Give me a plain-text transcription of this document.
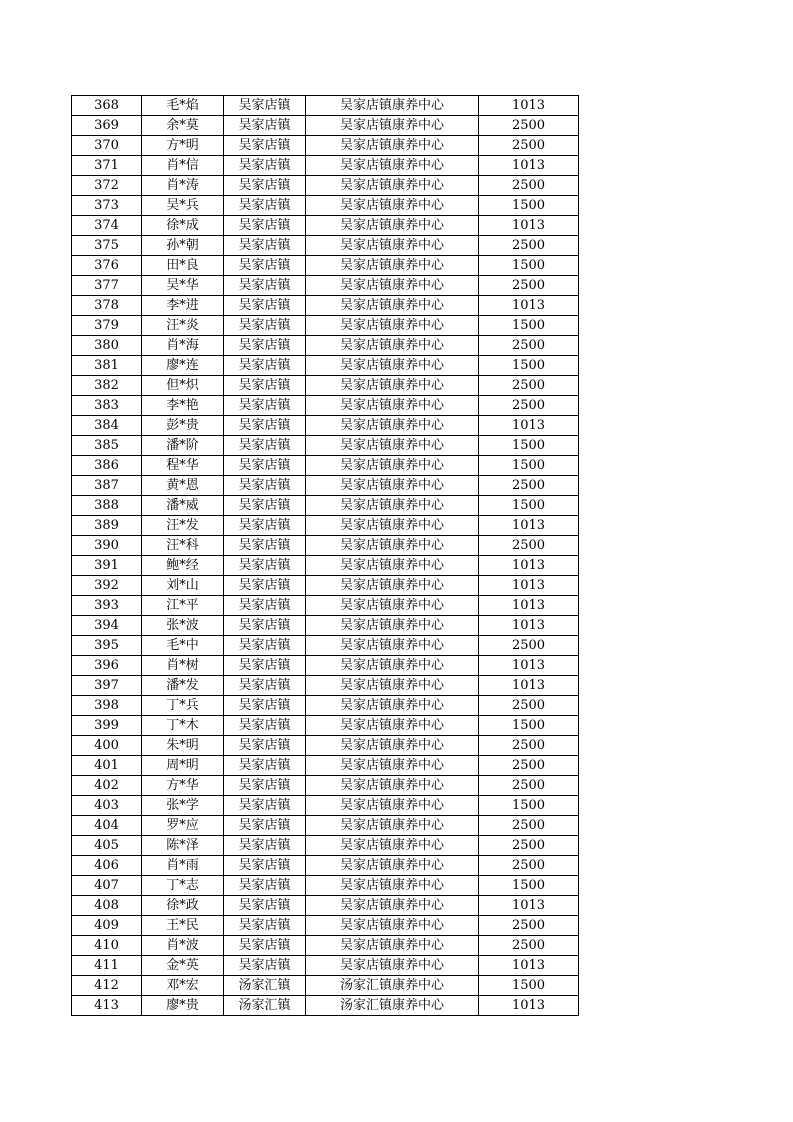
368	毛*焰	吴家店镇	吴家店镇康养中心	1013
369	余*莫	吴家店镇	吴家店镇康养中心	2500
370	方*明	吴家店镇	吴家店镇康养中心	2500
371	肖*信	吴家店镇	吴家店镇康养中心	1013
372	肖*涛	吴家店镇	吴家店镇康养中心	2500
373	吴*兵	吴家店镇	吴家店镇康养中心	1500
374	徐*成	吴家店镇	吴家店镇康养中心	1013
375	孙*朝	吴家店镇	吴家店镇康养中心	2500
376	田*良	吴家店镇	吴家店镇康养中心	1500
377	吴*华	吴家店镇	吴家店镇康养中心	2500
378	李*进	吴家店镇	吴家店镇康养中心	1013
379	汪*炎	吴家店镇	吴家店镇康养中心	1500
380	肖*海	吴家店镇	吴家店镇康养中心	2500
381	廖*连	吴家店镇	吴家店镇康养中心	1500
382	但*炽	吴家店镇	吴家店镇康养中心	2500
383	李*艳	吴家店镇	吴家店镇康养中心	2500
384	彭*贵	吴家店镇	吴家店镇康养中心	1013
385	潘*阶	吴家店镇	吴家店镇康养中心	1500
386	程*华	吴家店镇	吴家店镇康养中心	1500
387	黄*恩	吴家店镇	吴家店镇康养中心	2500
388	潘*威	吴家店镇	吴家店镇康养中心	1500
389	汪*发	吴家店镇	吴家店镇康养中心	1013
390	汪*科	吴家店镇	吴家店镇康养中心	2500
391	鲍*经	吴家店镇	吴家店镇康养中心	1013
392	刘*山	吴家店镇	吴家店镇康养中心	1013
393	江*平	吴家店镇	吴家店镇康养中心	1013
394	张*波	吴家店镇	吴家店镇康养中心	1013
395	毛*中	吴家店镇	吴家店镇康养中心	2500
396	肖*树	吴家店镇	吴家店镇康养中心	1013
397	潘*发	吴家店镇	吴家店镇康养中心	1013
398	丁*兵	吴家店镇	吴家店镇康养中心	2500
399	丁*木	吴家店镇	吴家店镇康养中心	1500
400	朱*明	吴家店镇	吴家店镇康养中心	2500
401	周*明	吴家店镇	吴家店镇康养中心	2500
402	方*华	吴家店镇	吴家店镇康养中心	2500
403	张*学	吴家店镇	吴家店镇康养中心	1500
404	罗*应	吴家店镇	吴家店镇康养中心	2500
405	陈*泽	吴家店镇	吴家店镇康养中心	2500
406	肖*雨	吴家店镇	吴家店镇康养中心	2500
407	丁*志	吴家店镇	吴家店镇康养中心	1500
408	徐*政	吴家店镇	吴家店镇康养中心	1013
409	王*民	吴家店镇	吴家店镇康养中心	2500
410	肖*波	吴家店镇	吴家店镇康养中心	2500
411	金*英	吴家店镇	吴家店镇康养中心	1013
412	邓*宏	汤家汇镇	汤家汇镇康养中心	1500
413	廖*贵	汤家汇镇	汤家汇镇康养中心	1013
